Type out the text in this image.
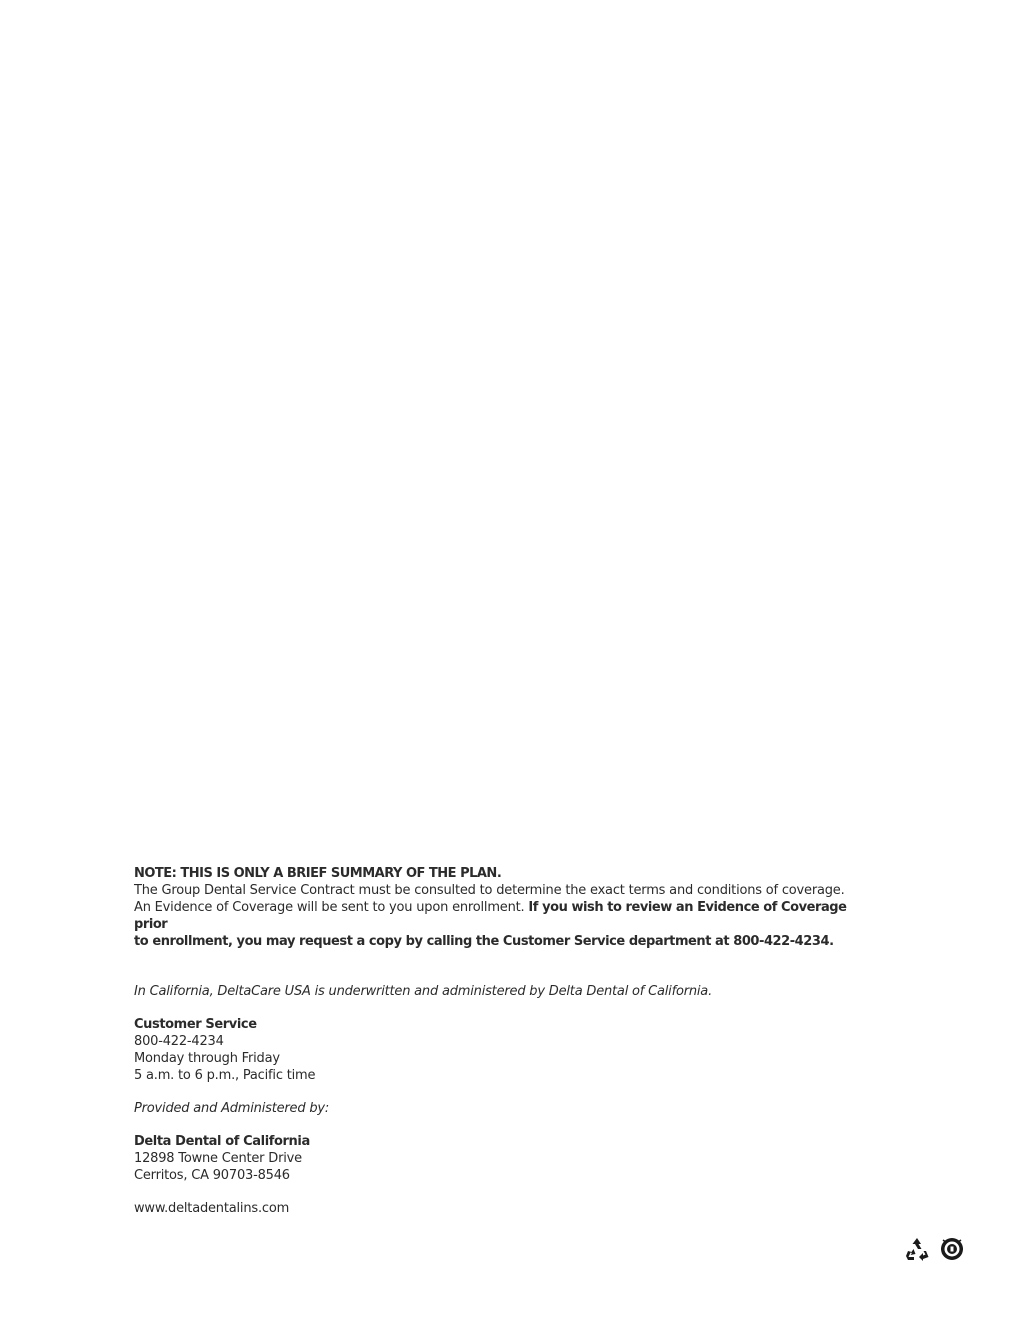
NOTE: THIS IS ONLY A BRIEF SUMMARY OF THE PLAN.
The Group Dental Service Contract must be consulted to determine the exact terms and conditions of coverage.
An Evidence of Coverage will be sent to you upon enrollment. If you wish to review an Evidence of Coverage prior
to enrollment, you may request a copy by calling the Customer Service department at 800-422-4234.

In California, DeltaCare USA is underwritten and administered by Delta Dental of California.

Customer Service
800-422-4234
Monday through Friday
5 a.m. to 6 p.m., Pacific time

Provided and Administered by:

Delta Dental of California
12898 Towne Center Drive
Cerritos, CA 90703-8546

www.deltadentalins.com
